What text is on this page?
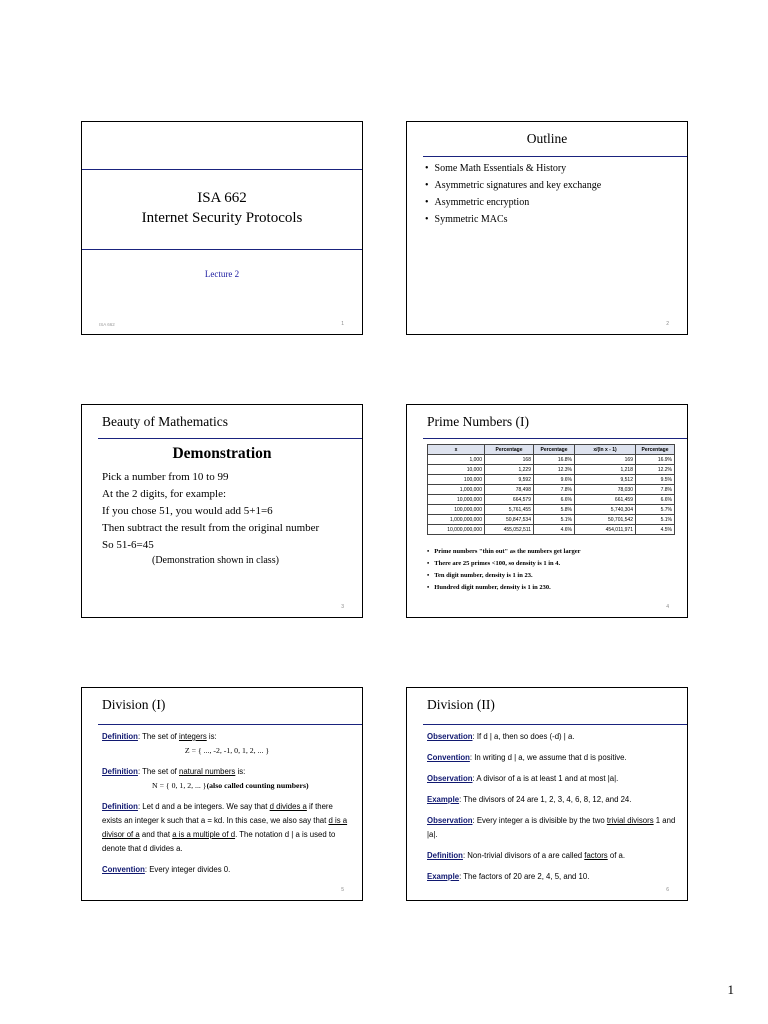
ISA 662
Internet Security Protocols
Lecture 2
ISA 662	1
Outline
• Some Math Essentials & History
• Asymmetric signatures and key exchange
• Asymmetric encryption
• Symmetric MACs
2
Beauty of Mathematics
Demonstration
Pick a number from 10 to 99
At the 2 digits, for example:
If you chose 51, you would add 5+1=6
Then subtract the result from the original number
So 51-6=45
(Demonstration shown in class)
3
Prime Numbers (I)
x	Percentage	Percentage	x/(ln x - 1)	Percentage
1,000	168	16.8%	169	16.9%
10,000	1,229	12.3%	1,218	12.2%
100,000	9,592	9.6%	9,512	9.5%
1,000,000	78,498	7.8%	78,030	7.8%
10,000,000	664,579	6.6%	661,459	6.6%
100,000,000	5,761,455	5.8%	5,740,304	5.7%
1,000,000,000	50,847,534	5.1%	50,701,542	5.1%
10,000,000,000	455,052,511	4.6%	454,011,971	4.5%
• Prime numbers "thin out" as the numbers get larger
• There are 25 primes <100, so density is 1 in 4.
• Ten digit number, density is 1 in 23.
• Hundred digit number, density is 1 in 230.
4
Division (I)

Definition: The set of integers is:

Z = { ..., -2, -1, 0, 1, 2, ... }

Definition: The set of natural numbers is:

N = { 0, 1, 2, ... }(also called counting numbers)

Definition: Let d and a be integers. We say that d divides a if there exists an integer k such that a = kd. In this case, we also say that d is a divisor of a and that a is a multiple of d. The notation d | a is used to denote that d divides a.

Convention: Every integer divides 0.

5
Division (II)

Observation: If d | a, then so does (-d) | a.

Convention: In writing d | a, we assume that d is positive.

Observation: A divisor of a is at least 1 and at most |a|.

Example: The divisors of 24 are 1, 2, 3, 4, 6, 8, 12, and 24.

Observation: Every integer a is divisible by the two trivial divisors 1 and |a|.

Definition: Non-trivial divisors of a are called factors of a.

Example: The factors of 20 are 2, 4, 5, and 10.

6
1
